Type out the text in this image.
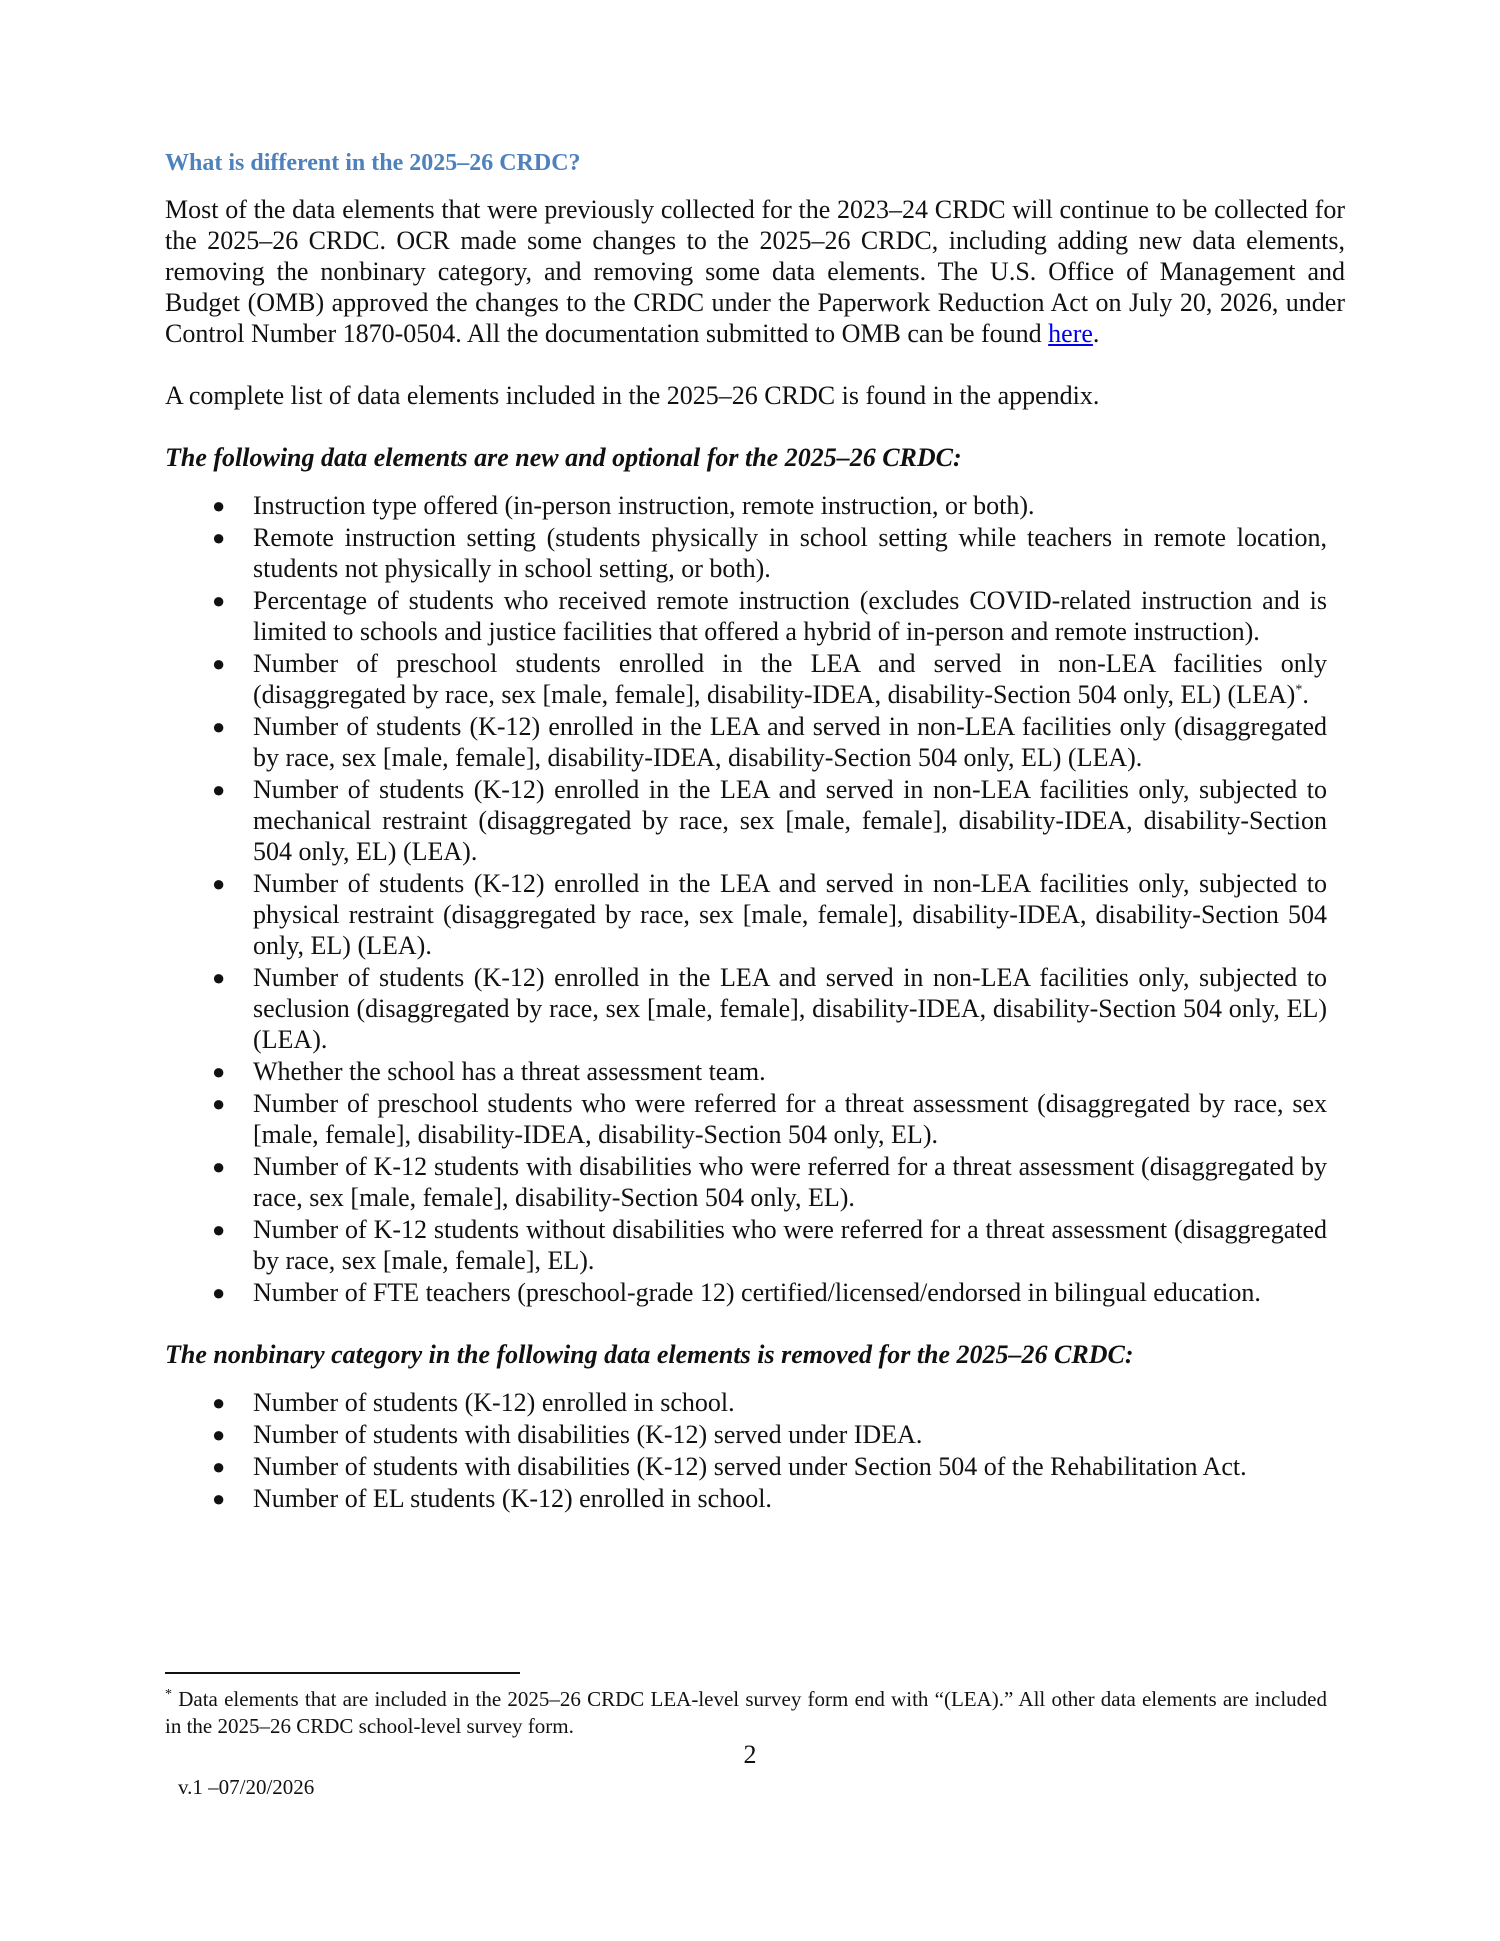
What is different in the 2025–26 CRDC?

Most of the data elements that were previously collected for the 2023–24 CRDC will continue to be collected for the 2025–26 CRDC. OCR made some changes to the 2025–26 CRDC, including adding new data elements, removing the nonbinary category, and removing some data elements. The U.S. Office of Management and Budget (OMB) approved the changes to the CRDC under the Paperwork Reduction Act on July 20, 2026, under Control Number 1870-0504. All the documentation submitted to OMB can be found here.

A complete list of data elements included in the 2025–26 CRDC is found in the appendix.

The following data elements are new and optional for the 2025–26 CRDC:
● Instruction type offered (in-person instruction, remote instruction, or both).
● Remote instruction setting (students physically in school setting while teachers in remote location, students not physically in school setting, or both).
● Percentage of students who received remote instruction (excludes COVID-related instruction and is limited to schools and justice facilities that offered a hybrid of in-person and remote instruction).
● Number of preschool students enrolled in the LEA and served in non-LEA facilities only (disaggregated by race, sex [male, female], disability-IDEA, disability-Section 504 only, EL) (LEA)*.
● Number of students (K-12) enrolled in the LEA and served in non-LEA facilities only (disaggregated by race, sex [male, female], disability-IDEA, disability-Section 504 only, EL) (LEA).
● Number of students (K-12) enrolled in the LEA and served in non-LEA facilities only, subjected to mechanical restraint (disaggregated by race, sex [male, female], disability-IDEA, disability-Section 504 only, EL) (LEA).
● Number of students (K-12) enrolled in the LEA and served in non-LEA facilities only, subjected to physical restraint (disaggregated by race, sex [male, female], disability-IDEA, disability-Section 504 only, EL) (LEA).
● Number of students (K-12) enrolled in the LEA and served in non-LEA facilities only, subjected to seclusion (disaggregated by race, sex [male, female], disability-IDEA, disability-Section 504 only, EL) (LEA).
● Whether the school has a threat assessment team.
● Number of preschool students who were referred for a threat assessment (disaggregated by race, sex [male, female], disability-IDEA, disability-Section 504 only, EL).
● Number of K-12 students with disabilities who were referred for a threat assessment (disaggregated by race, sex [male, female], disability-Section 504 only, EL).
● Number of K-12 students without disabilities who were referred for a threat assessment (disaggregated by race, sex [male, female], EL).
● Number of FTE teachers (preschool-grade 12) certified/licensed/endorsed in bilingual education.
The nonbinary category in the following data elements is removed for the 2025–26 CRDC:
● Number of students (K-12) enrolled in school.
● Number of students with disabilities (K-12) served under IDEA.
● Number of students with disabilities (K-12) served under Section 504 of the Rehabilitation Act.
● Number of EL students (K-12) enrolled in school.
* Data elements that are included in the 2025–26 CRDC LEA-level survey form end with “(LEA).” All other data elements are included in the 2025–26 CRDC school-level survey form.
2
v.1 –07/20/2026
